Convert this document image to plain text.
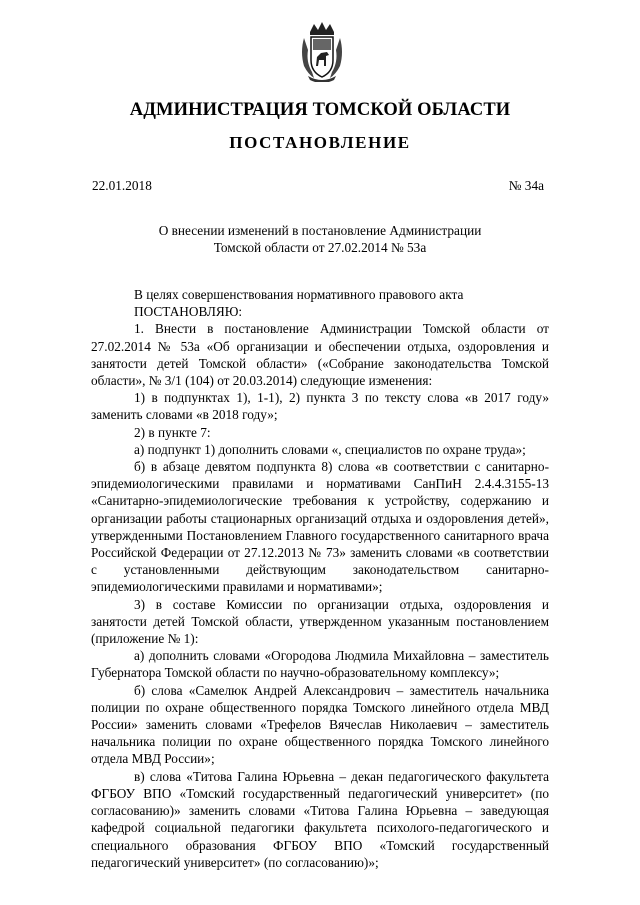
АДМИНИСТРАЦИЯ ТОМСКОЙ ОБЛАСТИ
ПОСТАНОВЛЕНИЕ
22.01.2018	№ 34а
О внесении изменений в постановление Администрации
Томской области от 27.02.2014 № 53а

В целях совершенствования нормативного правового акта

ПОСТАНОВЛЯЮ:

1. Внести в постановление Администрации Томской области от 27.02.2014 № 53а «Об организации и обеспечении отдыха, оздоровления и занятости детей Томской области» («Собрание законодательства Томской области», № 3/1 (104) от 20.03.2014) следующие изменения:

1) в подпунктах 1), 1-1), 2) пункта 3 по тексту слова «в 2017 году» заменить словами «в 2018 году»;

2) в пункте 7:

а) подпункт 1) дополнить словами «, специалистов по охране труда»;

б) в абзаце девятом подпункта 8) слова «в соответствии с санитарно-эпидемиологическими правилами и нормативами СанПиН 2.4.4.3155-13 «Санитарно-эпидемиологические требования к устройству, содержанию и организации работы стационарных организаций отдыха и оздоровления детей», утвержденными Постановлением Главного государственного санитарного врача Российской Федерации от 27.12.2013 № 73» заменить словами «в соответствии с установленными действующим законодательством санитарно-эпидемиологическими правилами и нормативами»;

3) в составе Комиссии по организации отдыха, оздоровления и занятости детей Томской области, утвержденном указанным постановлением (приложение № 1):

а) дополнить словами «Огородова Людмила Михайловна – заместитель Губернатора Томской области по научно-образовательному комплексу»;

б) слова «Самелюк Андрей Александрович – заместитель начальника полиции по охране общественного порядка Томского линейного отдела МВД России» заменить словами «Трефелов Вячеслав Николаевич – заместитель начальника полиции по охране общественного порядка Томского линейного отдела МВД России»;

в) слова «Титова Галина Юрьевна – декан педагогического факультета ФГБОУ ВПО «Томский государственный педагогический университет» (по согласованию)» заменить словами «Титова Галина Юрьевна – заведующая кафедрой социальной педагогики факультета психолого-педагогического и специального образования ФГБОУ ВПО «Томский государственный педагогический университет» (по согласованию)»;
